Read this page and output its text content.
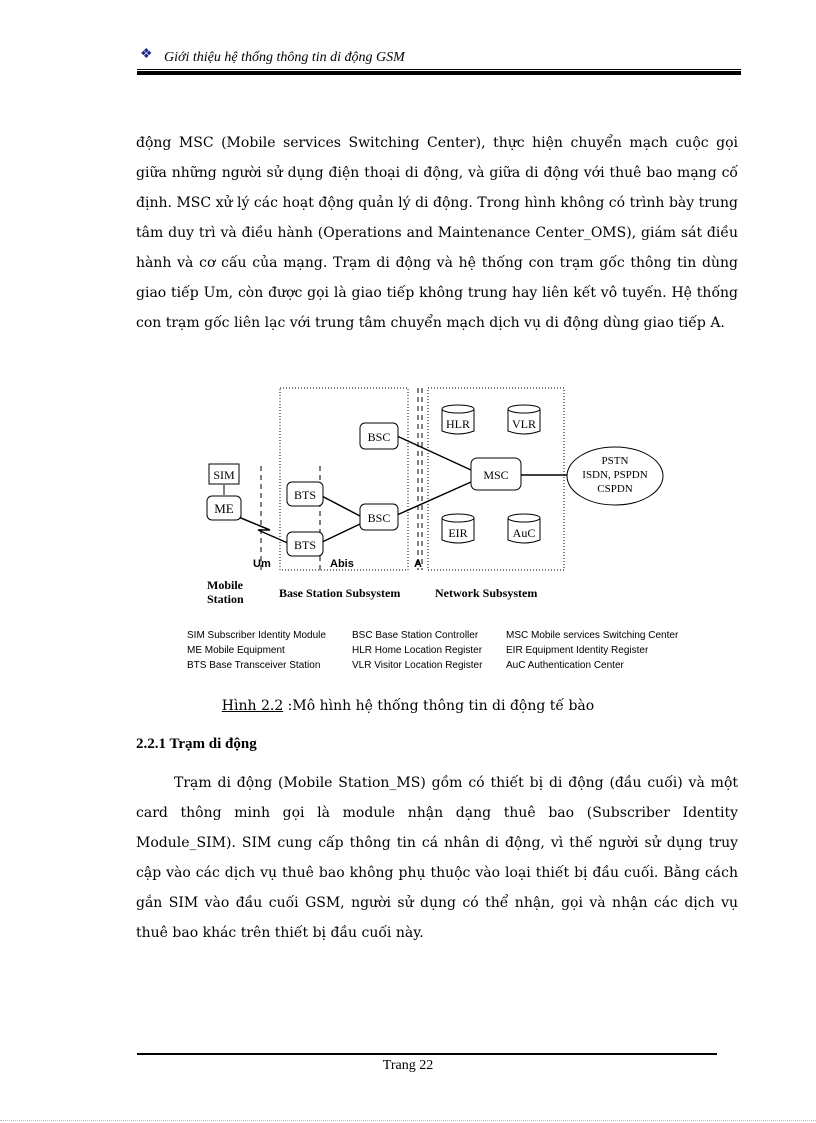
❖ Giới thiệu hệ thống thông tin di động GSM

động MSC (Mobile services Switching Center), thực hiện chuyển mạch cuộc gọi giữa những người sử dụng điện thoại di động, và giữa di động với thuê bao mạng cố định. MSC xử lý các hoạt động quản lý di động. Trong hình không có trình bày trung tâm duy trì và điều hành (Operations and Maintenance Center_OMS), giám sát điều hành và cơ cấu của mạng. Trạm di động và hệ thống con trạm gốc thông tin dùng giao tiếp Um, còn được gọi là giao tiếp không trung hay liên kết vô tuyến. Hệ thống con trạm gốc liên lạc với trung tâm chuyển mạch dịch vụ di động dùng giao tiếp A.

SIM
ME
BTS
BTS
BSC
BSC
MSC
HLR	VLR
EIR	AuC
PSTN
ISDN, PSPDN
CSPDN
Um	Abis	A
Mobile
Station	Base Station Subsystem	Network Subsystem
SIM Subscriber Identity Module
ME Mobile Equipment
BTS Base Transceiver Station
BSC Base Station Controller
HLR Home Location Register
VLR Visitor Location Register
MSC Mobile services Switching Center
EIR Equipment Identity Register
AuC Authentication Center
Hình 2.2 :Mô hình hệ thống thông tin di động tế bào
2.2.1 Trạm di động

Trạm di động (Mobile Station_MS) gồm có thiết bị di động (đầu cuối) và một card thông minh gọi là module nhận dạng thuê bao (Subscriber Identity Module_SIM). SIM cung cấp thông tin cá nhân di động, vì thế người sử dụng truy cập vào các dịch vụ thuê bao không phụ thuộc vào loại thiết bị đầu cuối. Bằng cách gắn SIM vào đầu cuối GSM, người sử dụng có thể nhận, gọi và nhận các dịch vụ thuê bao khác trên thiết bị đầu cuối này.

Trang 22
